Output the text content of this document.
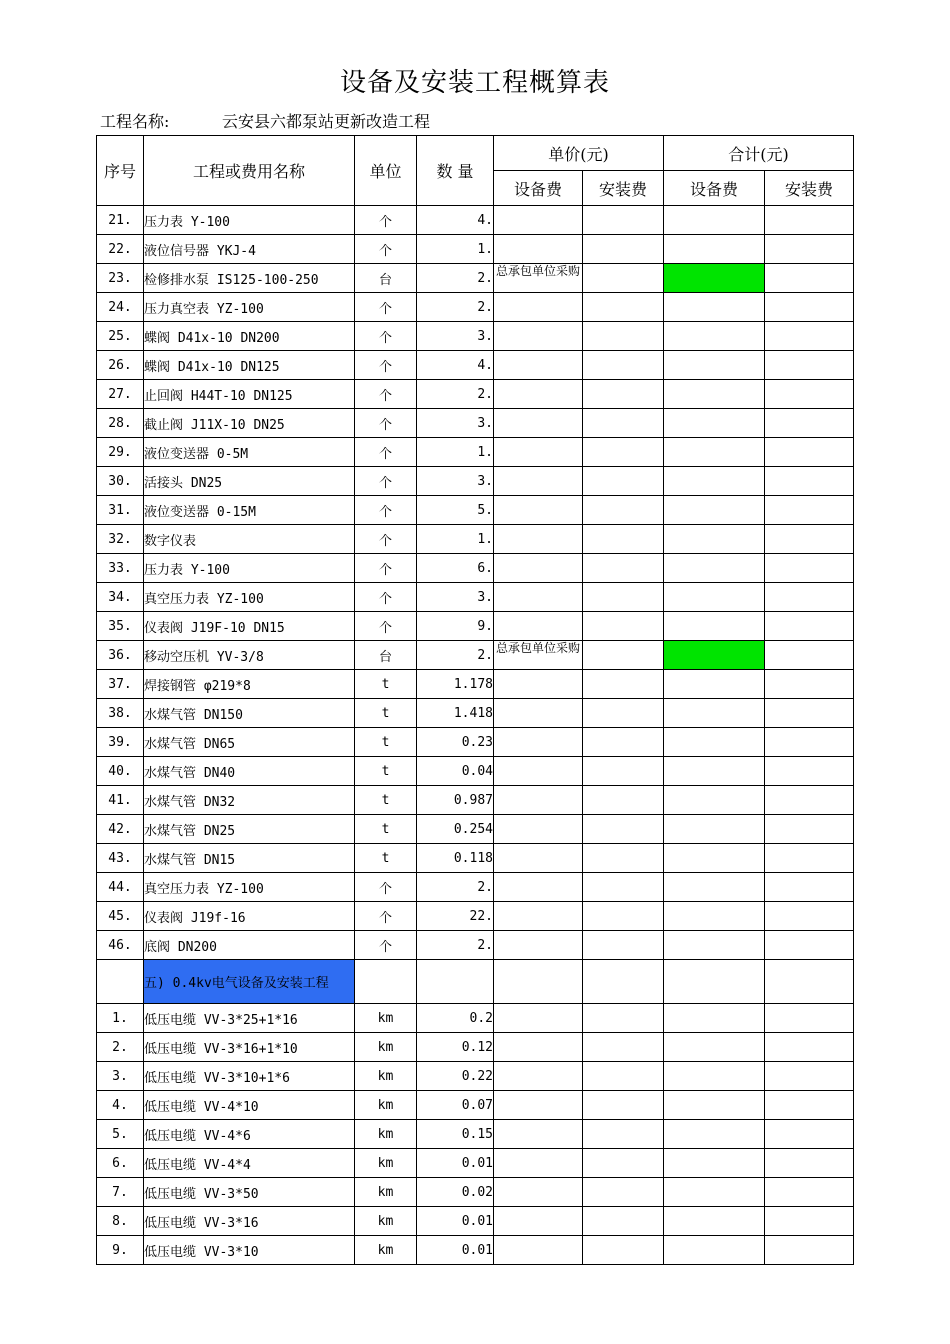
设备及安装工程概算表
工程名称:	云安县六都泵站更新改造工程
序号	工程或费用名称	单位	数 量	单价(元)		合计(元)	
				设备费	安装费	设备费	安装费
21.	压力表 Y-100	个	4.				
22.	液位信号器 YKJ-4	个	1.				
23.	检修排水泵 IS125-100-250	台	2.	总承包单位采购			

24.	压力真空表 YZ-100	个	2.				
25.	蝶阀 D41x-10 DN200	个	3.				
26.	蝶阀 D41x-10 DN125	个	4.				
27.	止回阀 H44T-10 DN125	个	2.				
28.	截止阀 J11X-10 DN25	个	3.				
29.	液位变送器 0-5M	个	1.				
30.	活接头 DN25	个	3.				
31.	液位变送器 0-15M	个	5.				
32.	数字仪表	个	1.				
33.	压力表 Y-100	个	6.				
34.	真空压力表 YZ-100	个	3.				
35.	仪表阀 J19F-10 DN15	个	9.				
36.	移动空压机 YV-3/8	台	2.	总承包单位采购			

37.	焊接钢管 φ219*8	t	1.178				
38.	水煤气管 DN150	t	1.418				
39.	水煤气管 DN65	t	0.23				
40.	水煤气管 DN40	t	0.04				
41.	水煤气管 DN32	t	0.987				
42.	水煤气管 DN25	t	0.254				
43.	水煤气管 DN15	t	0.118				
44.	真空压力表 YZ-100	个	2.				
45.	仪表阀 J19f-16	个	22.				
46.	底阀 DN200	个	2.				
	五) 0.4kv电气设备及安装工程						
1.	低压电缆 VV-3*25+1*16	km	0.2				
2.	低压电缆 VV-3*16+1*10	km	0.12				
3.	低压电缆 VV-3*10+1*6	km	0.22				
4.	低压电缆 VV-4*10	km	0.07				
5.	低压电缆 VV-4*6	km	0.15				
6.	低压电缆 VV-4*4	km	0.01				
7.	低压电缆 VV-3*50	km	0.02				
8.	低压电缆 VV-3*16	km	0.01				
9.	低压电缆 VV-3*10	km	0.01				
